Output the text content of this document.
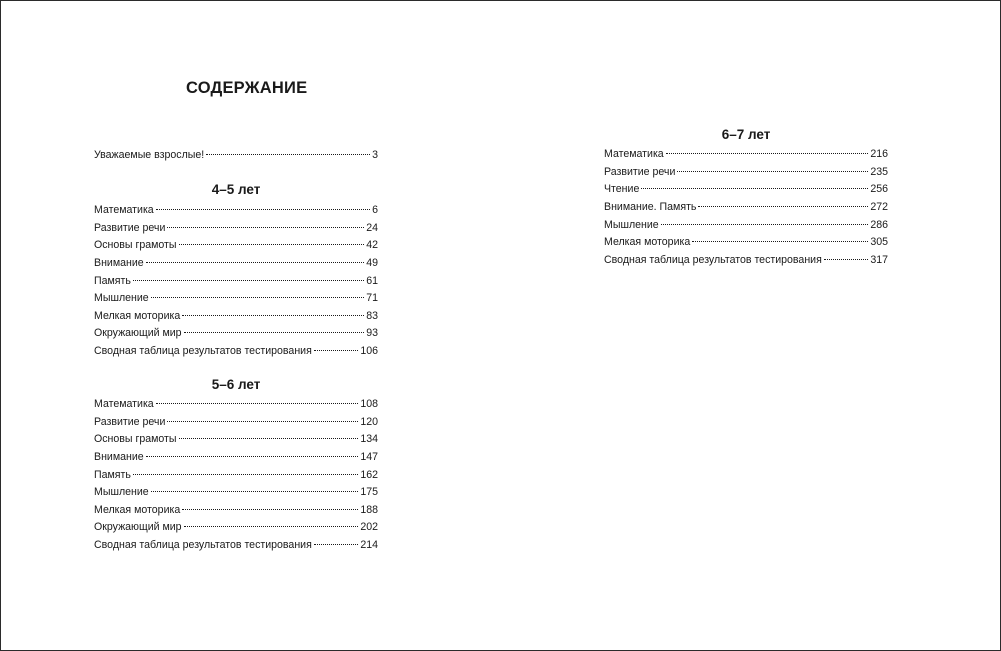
СОДЕРЖАНИЕ
Уважаемые взрослые!	3
4–5 лет
Математика	6
Развитие речи	24
Основы грамоты	42
Внимание	49
Память	61
Мышление	71
Мелкая моторика	83
Окружающий мир	93
Сводная таблица результатов тестирования	106
5–6 лет
Математика	108
Развитие речи	120
Основы грамоты	134
Внимание	147
Память	162
Мышление	175
Мелкая моторика	188
Окружающий мир	202
Сводная таблица результатов тестирования	214
6–7 лет
Математика	216
Развитие речи	235
Чтение	256
Внимание. Память	272
Мышление	286
Мелкая моторика	305
Сводная таблица результатов тестирования	317
